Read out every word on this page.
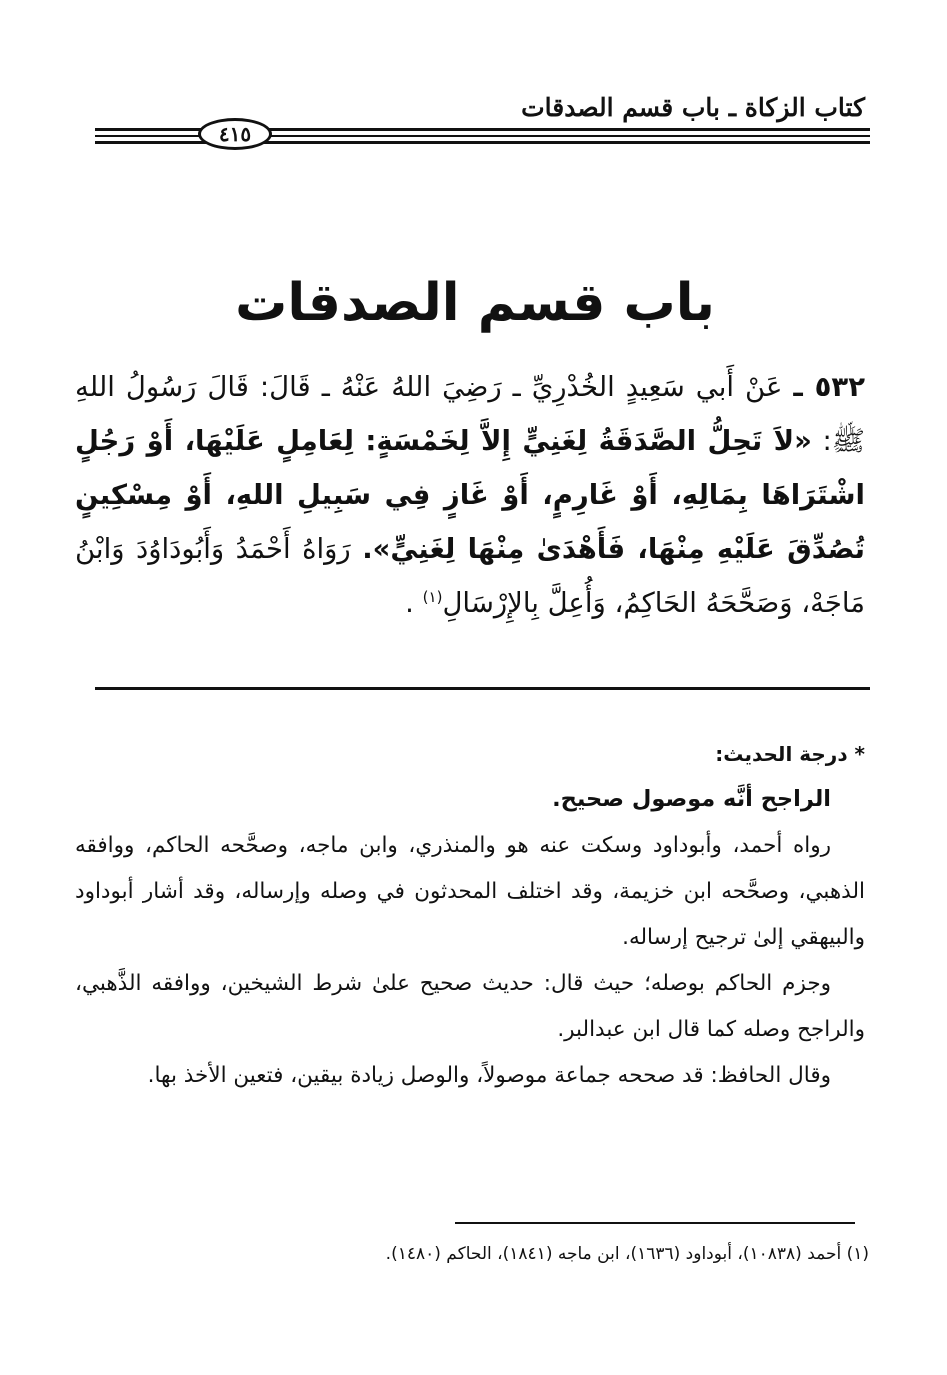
كتاب الزكاة ـ باب قسم الصدقات
٤١٥
باب قسم الصدقات
٥٣٢ ـ عَنْ أَبي سَعِيدٍ الخُدْرِيِّ ـ رَضِيَ اللهُ عَنْهُ ـ قَالَ: قَالَ رَسُولُ اللهِ ﷺ: «لاَ تَحِلُّ الصَّدَقَةُ لِغَنِيٍّ إِلاَّ لِخَمْسَةٍ: لِعَامِلٍ عَلَيْهَا، أَوْ رَجُلٍ اشْتَرَاهَا بِمَالِهِ، أَوْ غَارِمٍ، أَوْ غَازٍ فِي سَبِيلِ اللهِ، أَوْ مِسْكِينٍ تُصُدِّقَ عَلَيْهِ مِنْهَا، فَأَهْدَىٰ مِنْهَا لِغَنِيٍّ». رَوَاهُ أَحْمَدُ وَأَبُودَاوُدَ وَابْنُ مَاجَهْ، وَصَحَّحَهُ الحَاكِمُ، وَأُعِلَّ بِالإِرْسَالِ$^{(١)}$ .
* درجة الحديث:
الراجح أنَّه موصول صحيح.

رواه أحمد، وأبوداود وسكت عنه هو والمنذري، وابن ماجه، وصحَّحه الحاكم، ووافقه الذهبي، وصحَّحه ابن خزيمة، وقد اختلف المحدثون في وصله وإرساله، وقد أشار أبوداود والبيهقي إلىٰ ترجيح إرساله.

وجزم الحاكم بوصله؛ حيث قال: حديث صحيح علىٰ شرط الشيخين، ووافقه الذَّهبي، والراجح وصله كما قال ابن عبدالبر.

وقال الحافظ: قد صححه جماعة موصولاً، والوصل زيادة بيقين، فتعين الأخذ بها.

(١) أحمد (١٠٨٣٨)، أبوداود (١٦٣٦)، ابن ماجه (١٨٤١)، الحاكم (١٤٨٠).
